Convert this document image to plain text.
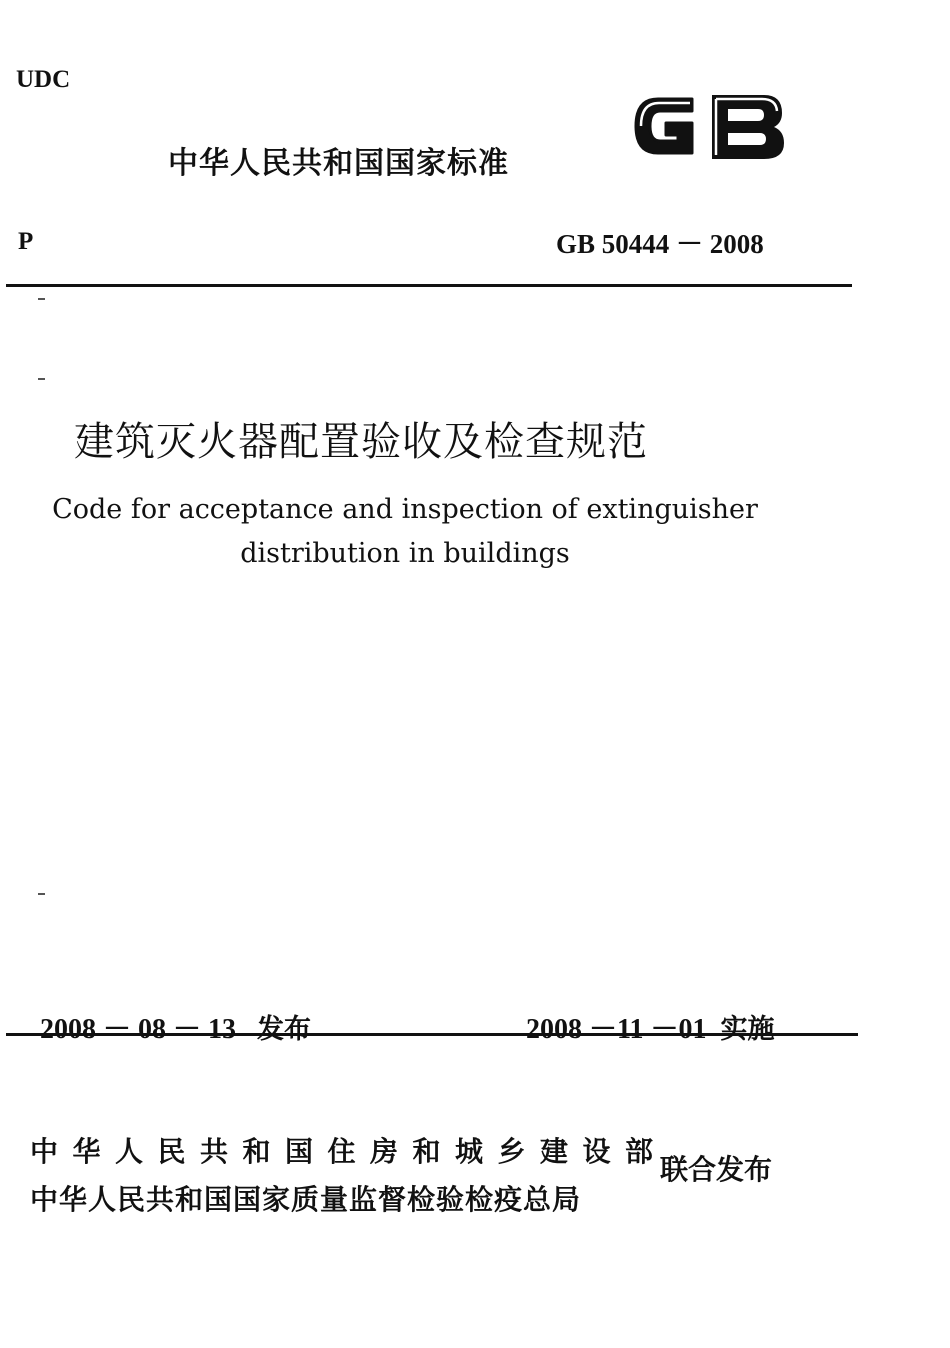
UDC
中华人民共和国国家标准
P	GB 50444 － 2008
建筑灭火器配置验收及检查规范
Code for acceptance and inspection of extinguisher
distribution in buildings

2008 － 08 － 13 发布	2008 －11 －01 实施

中华人民共和国住房和城乡建设部
中华人民共和国国家质量监督检验检疫总局
联合发布
